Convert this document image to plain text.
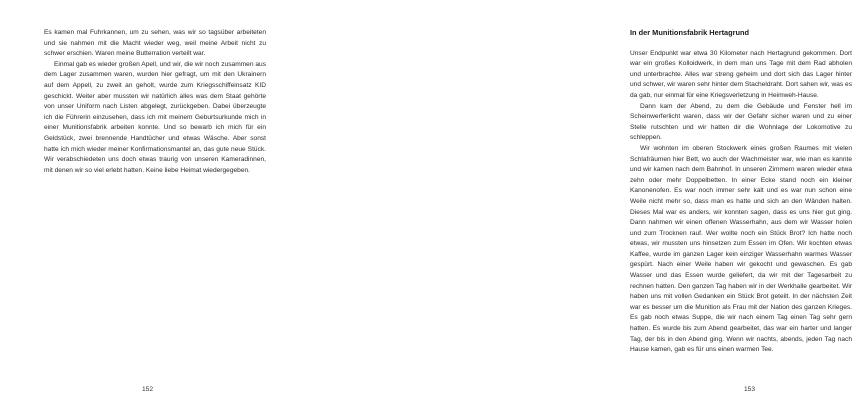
Es kamen mal Fuhrkannen, um zu sehen, was wir so tagsüber arbeiteten und sie nahmen mit die Macht wieder weg, weil meine Arbeit nicht zu schwer erschien. Waren meine Butterration verteilt war.

Einmal gab es wieder großen Apell, und wir, die wir noch zusammen aus dem Lager zusammen waren, wurden hier gefragt, um mit den Ukrainern auf dem Appell, zu zweit an geholt, wurde zum Kriegsschiffeinsatz KID geschickt. Weiter aber mussten wir natürlich alles was dem Staat gehörte von unser Uniform nach Listen abgelegt, zurückgeben. Dabei überzeugte ich die Führerin einzusehen, dass ich mit meinem Geburtsurkunde mich in einer Munitionsfabrik arbeiten konnte. Und so bewarb ich mich für ein Geldstück, zwei brennende Handtücher und etwas Wäsche. Aber sonst hatte ich mich wieder meiner Konfirmationsmantel an, das gute neue Stück. Wir verabschiedeten uns doch etwas traurig von unseren Kameradinnen, mit denen wir so viel erlebt hatten. Keine liebe Heimat wiedergegeben.

152
In der Munitionsfabrik Hertagrund

Unser Endpunkt war etwa 30 Kilometer nach Hertagrund gekommen. Dort war ein großes Kolloidwerk, in dem man uns Tage mit dem Rad abholen und unterbrachte. Alles war streng geheim und dort sich das Lager hinter und schwer, wir waren sehr hinter dem Stacheldraht. Dort sahen wir, was es da gab, nur einmal für eine Kriegsverletzung in Heimweh-Hause.

Dann kam der Abend, zu dem die Gebäude und Fenster hell im Scheinwerferlicht waren, dass wir der Gefahr sicher waren und zu einer Stelle rutschten und wir hatten dir die Wohnlage der Lokomotive zu schleppen.

Wir wohnten im oberen Stockwerk eines großen Raumes mit vielen Schlafräumen hier Bett, wo auch der Wachmeister war, wie man es kannte und wir kamen nach dem Bahnhof. In unseren Zimmern waren wieder etwa zehn oder mehr Doppelbetten. In einer Ecke stand noch ein kleiner Kanonenofen. Es war noch immer sehr kalt und es war nun schon eine Weile nicht mehr so, dass man es hatte und sich an den Wänden halten. Dieses Mal war es anders, wir konnten sagen, dass es uns hier gut ging. Dann nahmen wir einen offenen Wasserhahn, aus dem wir Wasser holen und zum Trocknen rauf. Wer wollte noch ein Stück Brot? Ich hatte noch etwas, wir mussten uns hinsetzen zum Essen im Ofen. Wir kochten etwas Kaffee, wurde im ganzen Lager kein einziger Wasserhahn warmes Wasser gespürt. Nach einer Weile haben wir gekocht und gewaschen. Es gab Wasser und das Essen wurde geliefert, da wir mit der Tagesarbeit zu rechnen hatten. Den ganzen Tag haben wir in der Werkhalle gearbeitet. Wir haben uns mit vollen Gedanken ein Stück Brot geteilt. In der nächsten Zeit war es besser um die Munition als Frau mit der Nation des ganzen Krieges. Es gab noch etwas Suppe, die wir nach einem Tag einen Tag sehr gern hatten. Es wurde bis zum Abend gearbeitet, das war ein harter und langer Tag, der bis in den Abend ging. Wenn wir nachts, abends, jeden Tag nach Hause kamen, gab es für uns einen warmen Tee.

153
